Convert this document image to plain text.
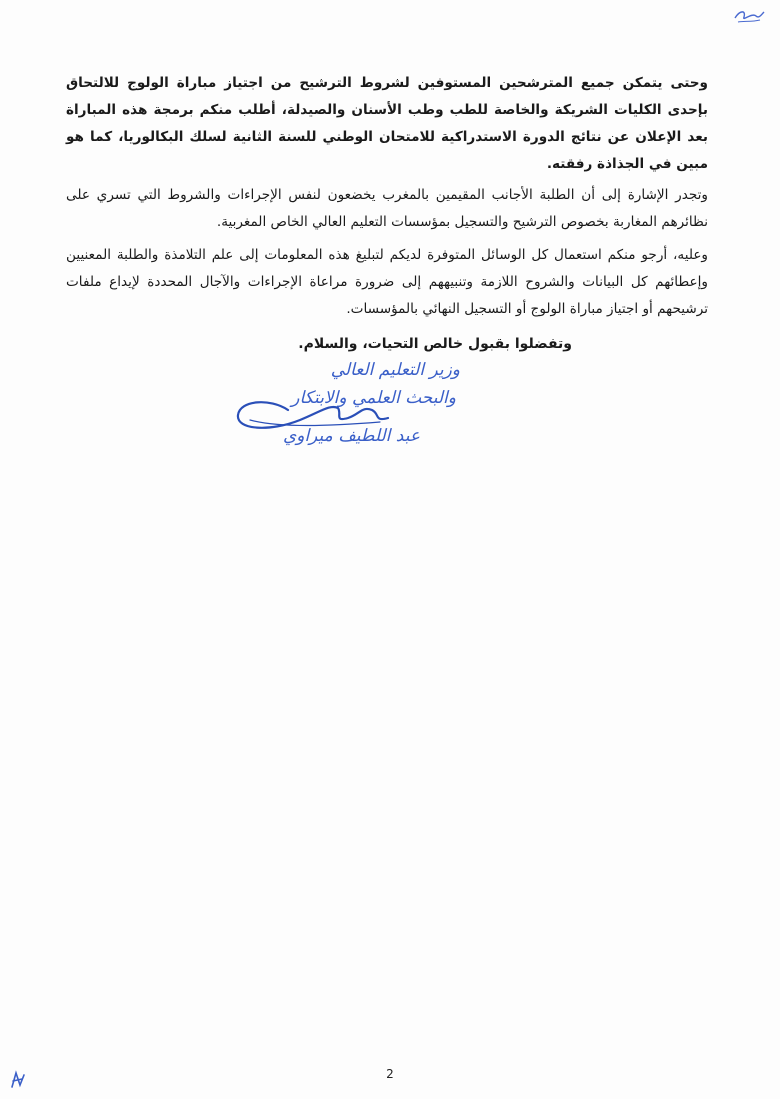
وحتى يتمكن جميع المترشحين المستوفين لشروط الترشيح من اجتياز مباراة الولوج للالتحاق بإحدى الكليات الشريكة والخاصة للطب وطب الأسنان والصيدلة، أطلب منكم برمجة هذه المباراة بعد الإعلان عن نتائج الدورة الاستدراكية للامتحان الوطني للسنة الثانية لسلك البكالوريا، كما هو مبين في الجذاذة رفقته.

وتجدر الإشارة إلى أن الطلبة الأجانب المقيمين بالمغرب يخضعون لنفس الإجراءات والشروط التي تسري على نظائرهم المغاربة بخصوص الترشيح والتسجيل بمؤسسات التعليم العالي الخاص المغربية.

وعليه، أرجو منكم استعمال كل الوسائل المتوفرة لديكم لتبليغ هذه المعلومات إلى علم التلامذة والطلبة المعنيين وإعطائهم كل البيانات والشروح اللازمة وتنبيههم إلى ضرورة مراعاة الإجراءات والآجال المحددة لإيداع ملفات ترشيحهم أو اجتياز مباراة الولوج أو التسجيل النهائي بالمؤسسات.

وتفضلوا بقبول خالص التحيات، والسلام.
وزير التعليم العالي
والبحث العلمي والابتكار
عبد اللطيف ميراوي
2
